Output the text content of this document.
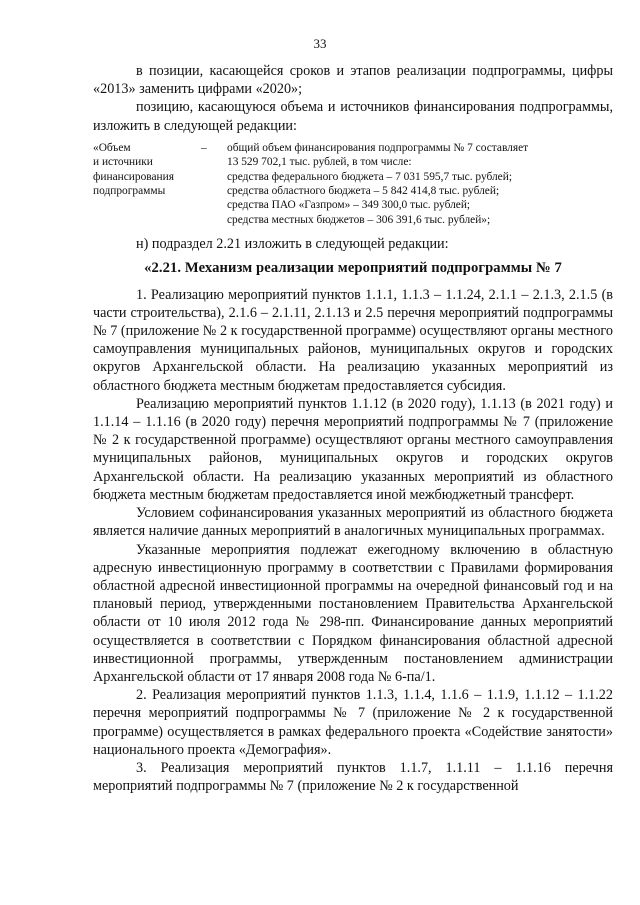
33

в позиции, касающейся сроков и этапов реализации подпрограммы, цифры «2013» заменить цифрами «2020»;

позицию, касающуюся объема и источников финансирования подпрограммы, изложить в следующей редакции:

«Объем
и источники
финансирования
подпрограммы
–	общий объем финансирования подпрограммы № 7 составляет
13 529 702,1 тыс. рублей, в том числе:
средства федерального бюджета – 7 031 595,7 тыс. рублей;
средства областного бюджета – 5 842 414,8 тыс. рублей;
средства ПАО «Газпром» – 349 300,0 тыс. рублей;
средства местных бюджетов – 306 391,6 тыс. рублей»;

н) подраздел 2.21 изложить в следующей редакции:

«2.21. Механизм реализации мероприятий подпрограммы № 7

1. Реализацию мероприятий пунктов 1.1.1, 1.1.3 – 1.1.24, 2.1.1 – 2.1.3, 2.1.5 (в части строительства), 2.1.6 – 2.1.11, 2.1.13 и 2.5 перечня мероприятий подпрограммы № 7 (приложение № 2 к государственной программе) осуществляют органы местного самоуправления муниципальных районов, муниципальных округов и городских округов Архангельской области. На реализацию указанных мероприятий из областного бюджета местным бюджетам предоставляется субсидия.

Реализацию мероприятий пунктов 1.1.12 (в 2020 году), 1.1.13 (в 2021 году) и 1.1.14 – 1.1.16 (в 2020 году) перечня мероприятий подпрограммы № 7 (приложение № 2 к государственной программе) осуществляют органы местного самоуправления муниципальных районов, муниципальных округов и городских округов Архангельской области. На реализацию указанных мероприятий из областного бюджета местным бюджетам предоставляется иной межбюджетный трансферт.

Условием софинансирования указанных мероприятий из областного бюджета является наличие данных мероприятий в аналогичных муниципальных программах.

Указанные мероприятия подлежат ежегодному включению в областную адресную инвестиционную программу в соответствии с Правилами формирования областной адресной инвестиционной программы на очередной финансовый год и на плановый период, утвержденными постановлением Правительства Архангельской области от 10 июля 2012 года № 298-пп. Финансирование данных мероприятий осуществляется в соответствии с Порядком финансирования областной адресной инвестиционной программы, утвержденным постановлением администрации Архангельской области от 17 января 2008 года № 6-па/1.

2. Реализация мероприятий пунктов 1.1.3, 1.1.4, 1.1.6 – 1.1.9, 1.1.12 – 1.1.22 перечня мероприятий подпрограммы № 7 (приложение № 2 к государственной программе) осуществляется в рамках федерального проекта «Содействие занятости» национального проекта «Демография».

3. Реализация мероприятий пунктов 1.1.7, 1.1.11 – 1.1.16 перечня мероприятий подпрограммы № 7 (приложение № 2 к государственной
